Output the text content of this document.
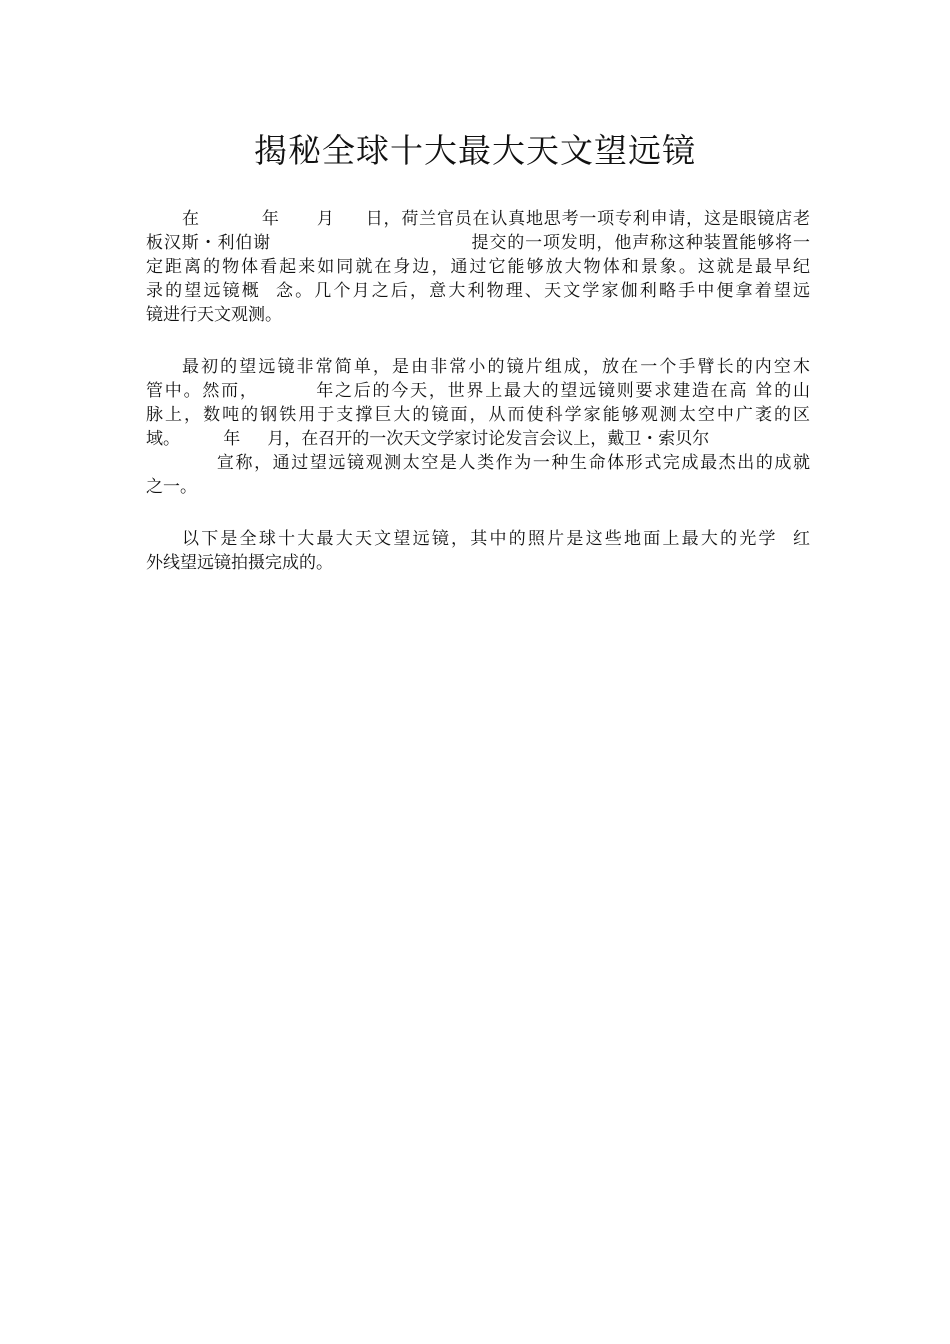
揭秘全球十大最大天文望远镜
在          年      月     日，荷兰官员在认真地思考一项专利申请，这是眼镜店老
板汉斯・利伯谢                                提交的一项发明，他声称这种装置能够将一
定距离的物体看起来如同就在身边，通过它能够放大物体和景象。这就是最早纪
录的望远镜概  念。几个月之后，意大利物理、天文学家伽利略手中便拿着望远
镜进行天文观测。
最初的望远镜非常简单，是由非常小的镜片组成，放在一个手臂长的内空木
管中。然而，        年之后的今天，世界上最大的望远镜则要求建造在高 耸的山
脉上，数吨的钢铁用于支撑巨大的镜面，从而使科学家能够观测太空中广袤的区
域。        年     月，在召开的一次天文学家讨论发言会议上，戴卫・索贝尔
宣称，通过望远镜观测太空是人类作为一种生命体形式完成最杰出的成就
之一。
以下是全球十大最大天文望远镜，其中的照片是这些地面上最大的光学  红
外线望远镜拍摄完成的。
